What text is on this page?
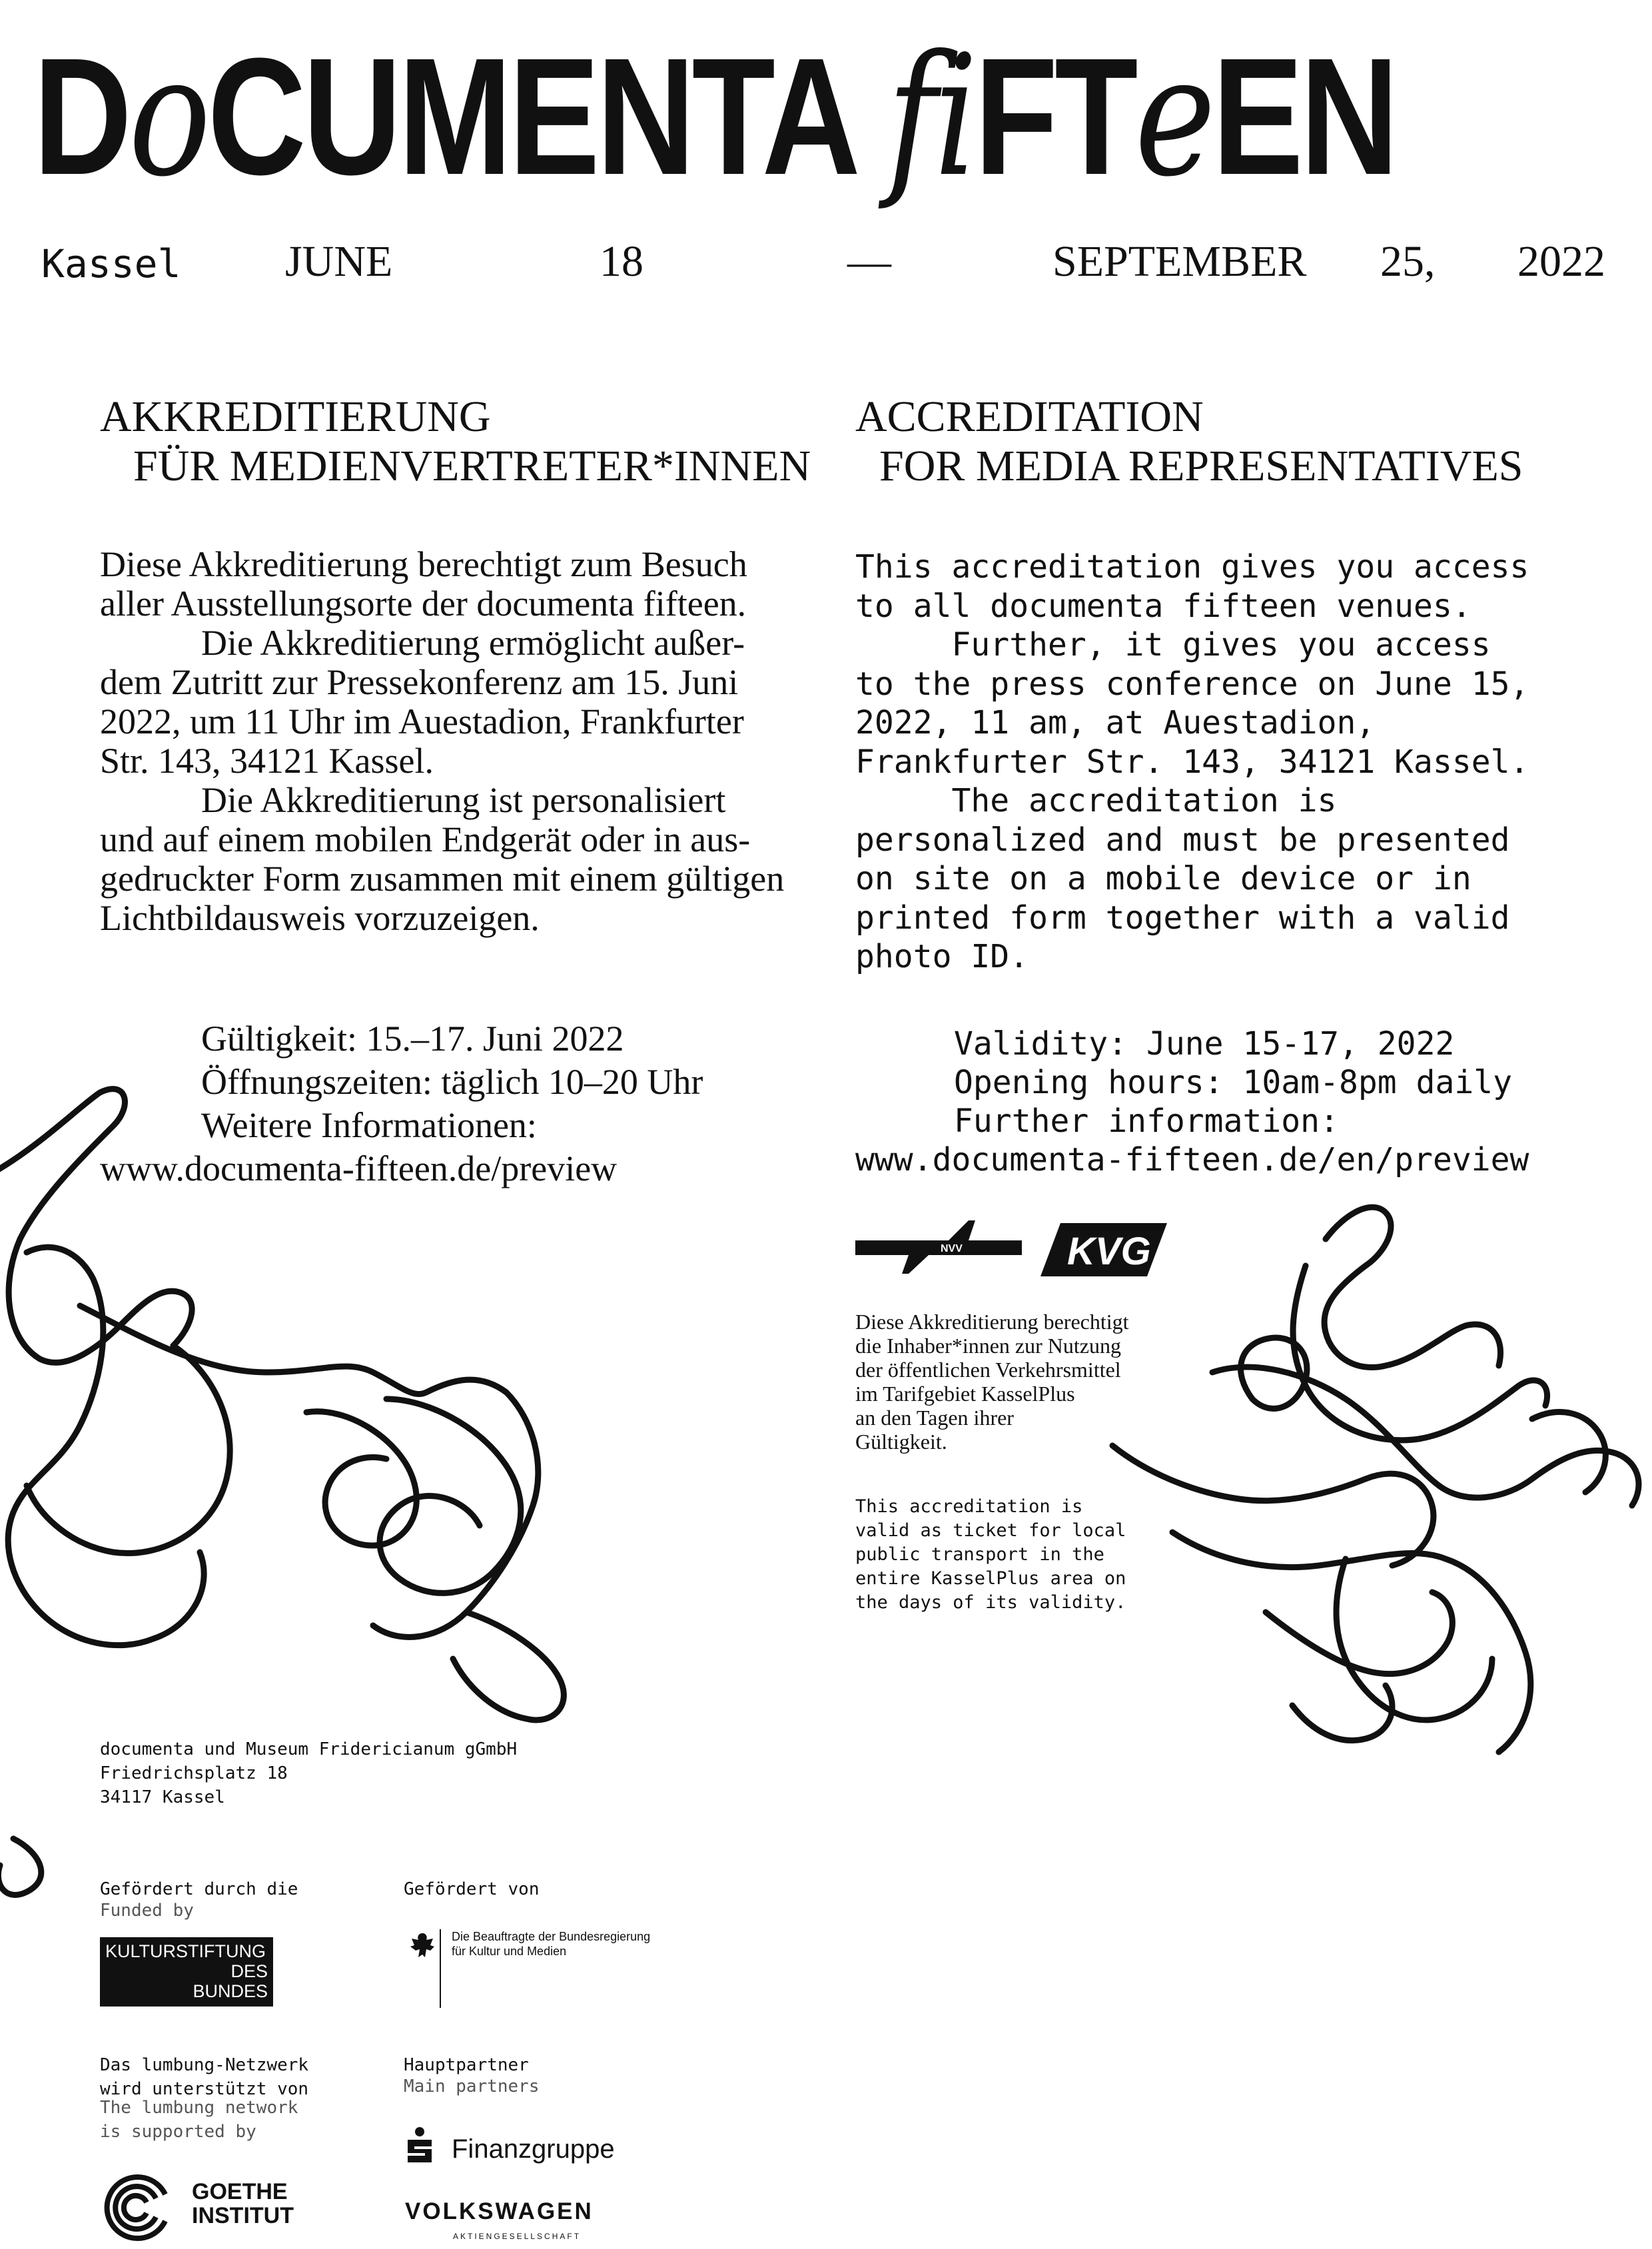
DoCUMENTA fiFTeEN
Kassel JUNE	18	—	SEPTEMBER 25, 2022
AKKREDITIERUNG
FÜR MEDIENVERTRETER*INNEN
Diese Akkreditierung berechtigt zum Besuch
aller Ausstellungsorte der documenta fifteen.
Die Akkreditierung ermöglicht außer-
dem Zutritt zur Pressekonferenz am 15. Juni
2022, um 11 Uhr im Auestadion, Frankfurter
Str. 143, 34121 Kassel.
Die Akkreditierung ist personalisiert
und auf einem mobilen Endgerät oder in aus-
gedruckter Form zusammen mit einem gültigen
Lichtbildausweis vorzuzeigen.
Gültigkeit: 15.–17. Juni 2022
Öffnungszeiten: täglich 10–20 Uhr
Weitere Informationen:
www.documenta-fifteen.de/preview
ACCREDITATION
FOR MEDIA REPRESENTATIVES
This accreditation gives you access
to all documenta fifteen venues.
Further, it gives you access
to the press conference on June 15,
2022, 11 am, at Auestadion,
Frankfurter Str. 143, 34121 Kassel.
The accreditation is
personalized and must be presented
on site on a mobile device or in
printed form together with a valid
photo ID.
Validity: June 15-17, 2022
Opening hours: 10am-8pm daily
Further information:
www.documenta-fifteen.de/en/preview
NVV	KVG
Diese Akkreditierung berechtigt
die Inhaber*innen zur Nutzung
der öffentlichen Verkehrsmittel
im Tarifgebiet KasselPlus
an den Tagen ihrer
Gültigkeit.
This accreditation is
valid as ticket for local
public transport in the
entire KasselPlus area on
the days of its validity.
documenta und Museum Fridericianum gGmbH
Friedrichsplatz 18
34117 Kassel
Gefördert durch die
Funded by
KULTURSTIFTUNG
DES
BUNDES
Gefördert von
Die Beauftragte der Bundesregierung
für Kultur und Medien
Das lumbung-Netzwerk
wird unterstützt von
The lumbung network
is supported by
GOETHE
INSTITUT
Hauptpartner
Main partners
Finanzgruppe
VOLKSWAGEN
AKTIENGESELLSCHAFT
